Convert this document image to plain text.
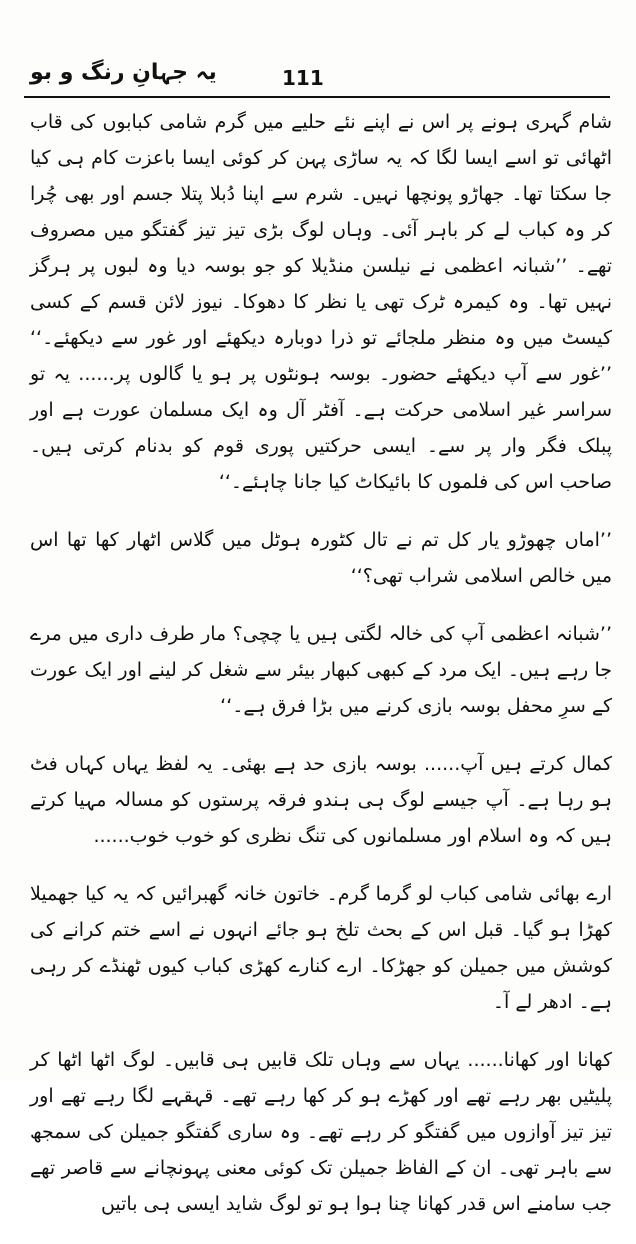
یہ جہانِ رنگ و بو	111

شام گہری ہونے پر اس نے اپنے نئے حلیے میں گرم شامی کبابوں کی قاب اٹھائی تو اسے ایسا لگا کہ یہ ساڑی پہن کر کوئی ایسا باعزت کام ہی کیا جا سکتا تھا۔ جھاڑو پونچھا نہیں۔ شرم سے اپنا دُبلا پتلا جسم اور بھی چُرا کر وہ کباب لے کر باہر آئی۔ وہاں لوگ بڑی تیز تیز گفتگو میں مصروف تھے۔ ’’شبانہ اعظمی نے نیلسن منڈیلا کو جو بوسہ دیا وہ لبوں پر ہرگز نہیں تھا۔ وہ کیمرہ ٹرک تھی یا نظر کا دھوکا۔ نیوز لائن قسم کے کسی کیسٹ میں وہ منظر ملجائے تو ذرا دوبارہ دیکھئے اور غور سے دیکھئے۔‘‘ ’’غور سے آپ دیکھئے حضور۔ بوسہ ہونٹوں پر ہو یا گالوں پر...... یہ تو سراسر غیر اسلامی حرکت ہے۔ آفٹر آل وہ ایک مسلمان عورت ہے اور پبلک فگر وار پر سے۔ ایسی حرکتیں پوری قوم کو بدنام کرتی ہیں۔ صاحب اس کی فلموں کا بائیکاٹ کیا جانا چاہئے۔‘‘

’’اماں چھوڑو یار کل تم نے تال کٹورہ ہوٹل میں گلاس اٹھار کھا تھا اس میں خالص اسلامی شراب تھی؟‘‘

’’شبانہ اعظمی آپ کی خالہ لگتی ہیں یا چچی؟ مار طرف داری میں مرے جا رہے ہیں۔ ایک مرد کے کبھی کبھار بیئر سے شغل کر لینے اور ایک عورت کے سرِ محفل بوسہ بازی کرنے میں بڑا فرق ہے۔‘‘

کمال کرتے ہیں آپ...... بوسہ بازی حد ہے بھئی۔ یہ لفظ یہاں کہاں فٹ ہو رہا ہے۔ آپ جیسے لوگ ہی ہندو فرقہ پرستوں کو مسالہ مہیا کرتے ہیں کہ وہ اسلام اور مسلمانوں کی تنگ نظری کو خوب خوب......

ارے بھائی شامی کباب لو گرما گرم۔ خاتون خانہ گھبرائیں کہ یہ کیا جھمیلا کھڑا ہو گیا۔ قبل اس کے بحث تلخ ہو جائے انہوں نے اسے ختم کرانے کی کوشش میں جمیلن کو جھڑکا۔ ارے کنارے کھڑی کباب کیوں ٹھنڈے کر رہی ہے۔ ادھر لے آ۔

کھانا اور کھانا...... یہاں سے وہاں تلک قابیں ہی قابیں۔ لوگ اٹھا اٹھا کر پلیٹیں بھر رہے تھے اور کھڑے ہو کر کھا رہے تھے۔ قہقہے لگا رہے تھے اور تیز تیز آوازوں میں گفتگو کر رہے تھے۔ وہ ساری گفتگو جمیلن کی سمجھ سے باہر تھی۔ ان کے الفاظ جمیلن تک کوئی معنی پہونچانے سے قاصر تھے جب سامنے اس قدر کھانا چنا ہوا ہو تو لوگ شاید ایسی ہی باتیں
